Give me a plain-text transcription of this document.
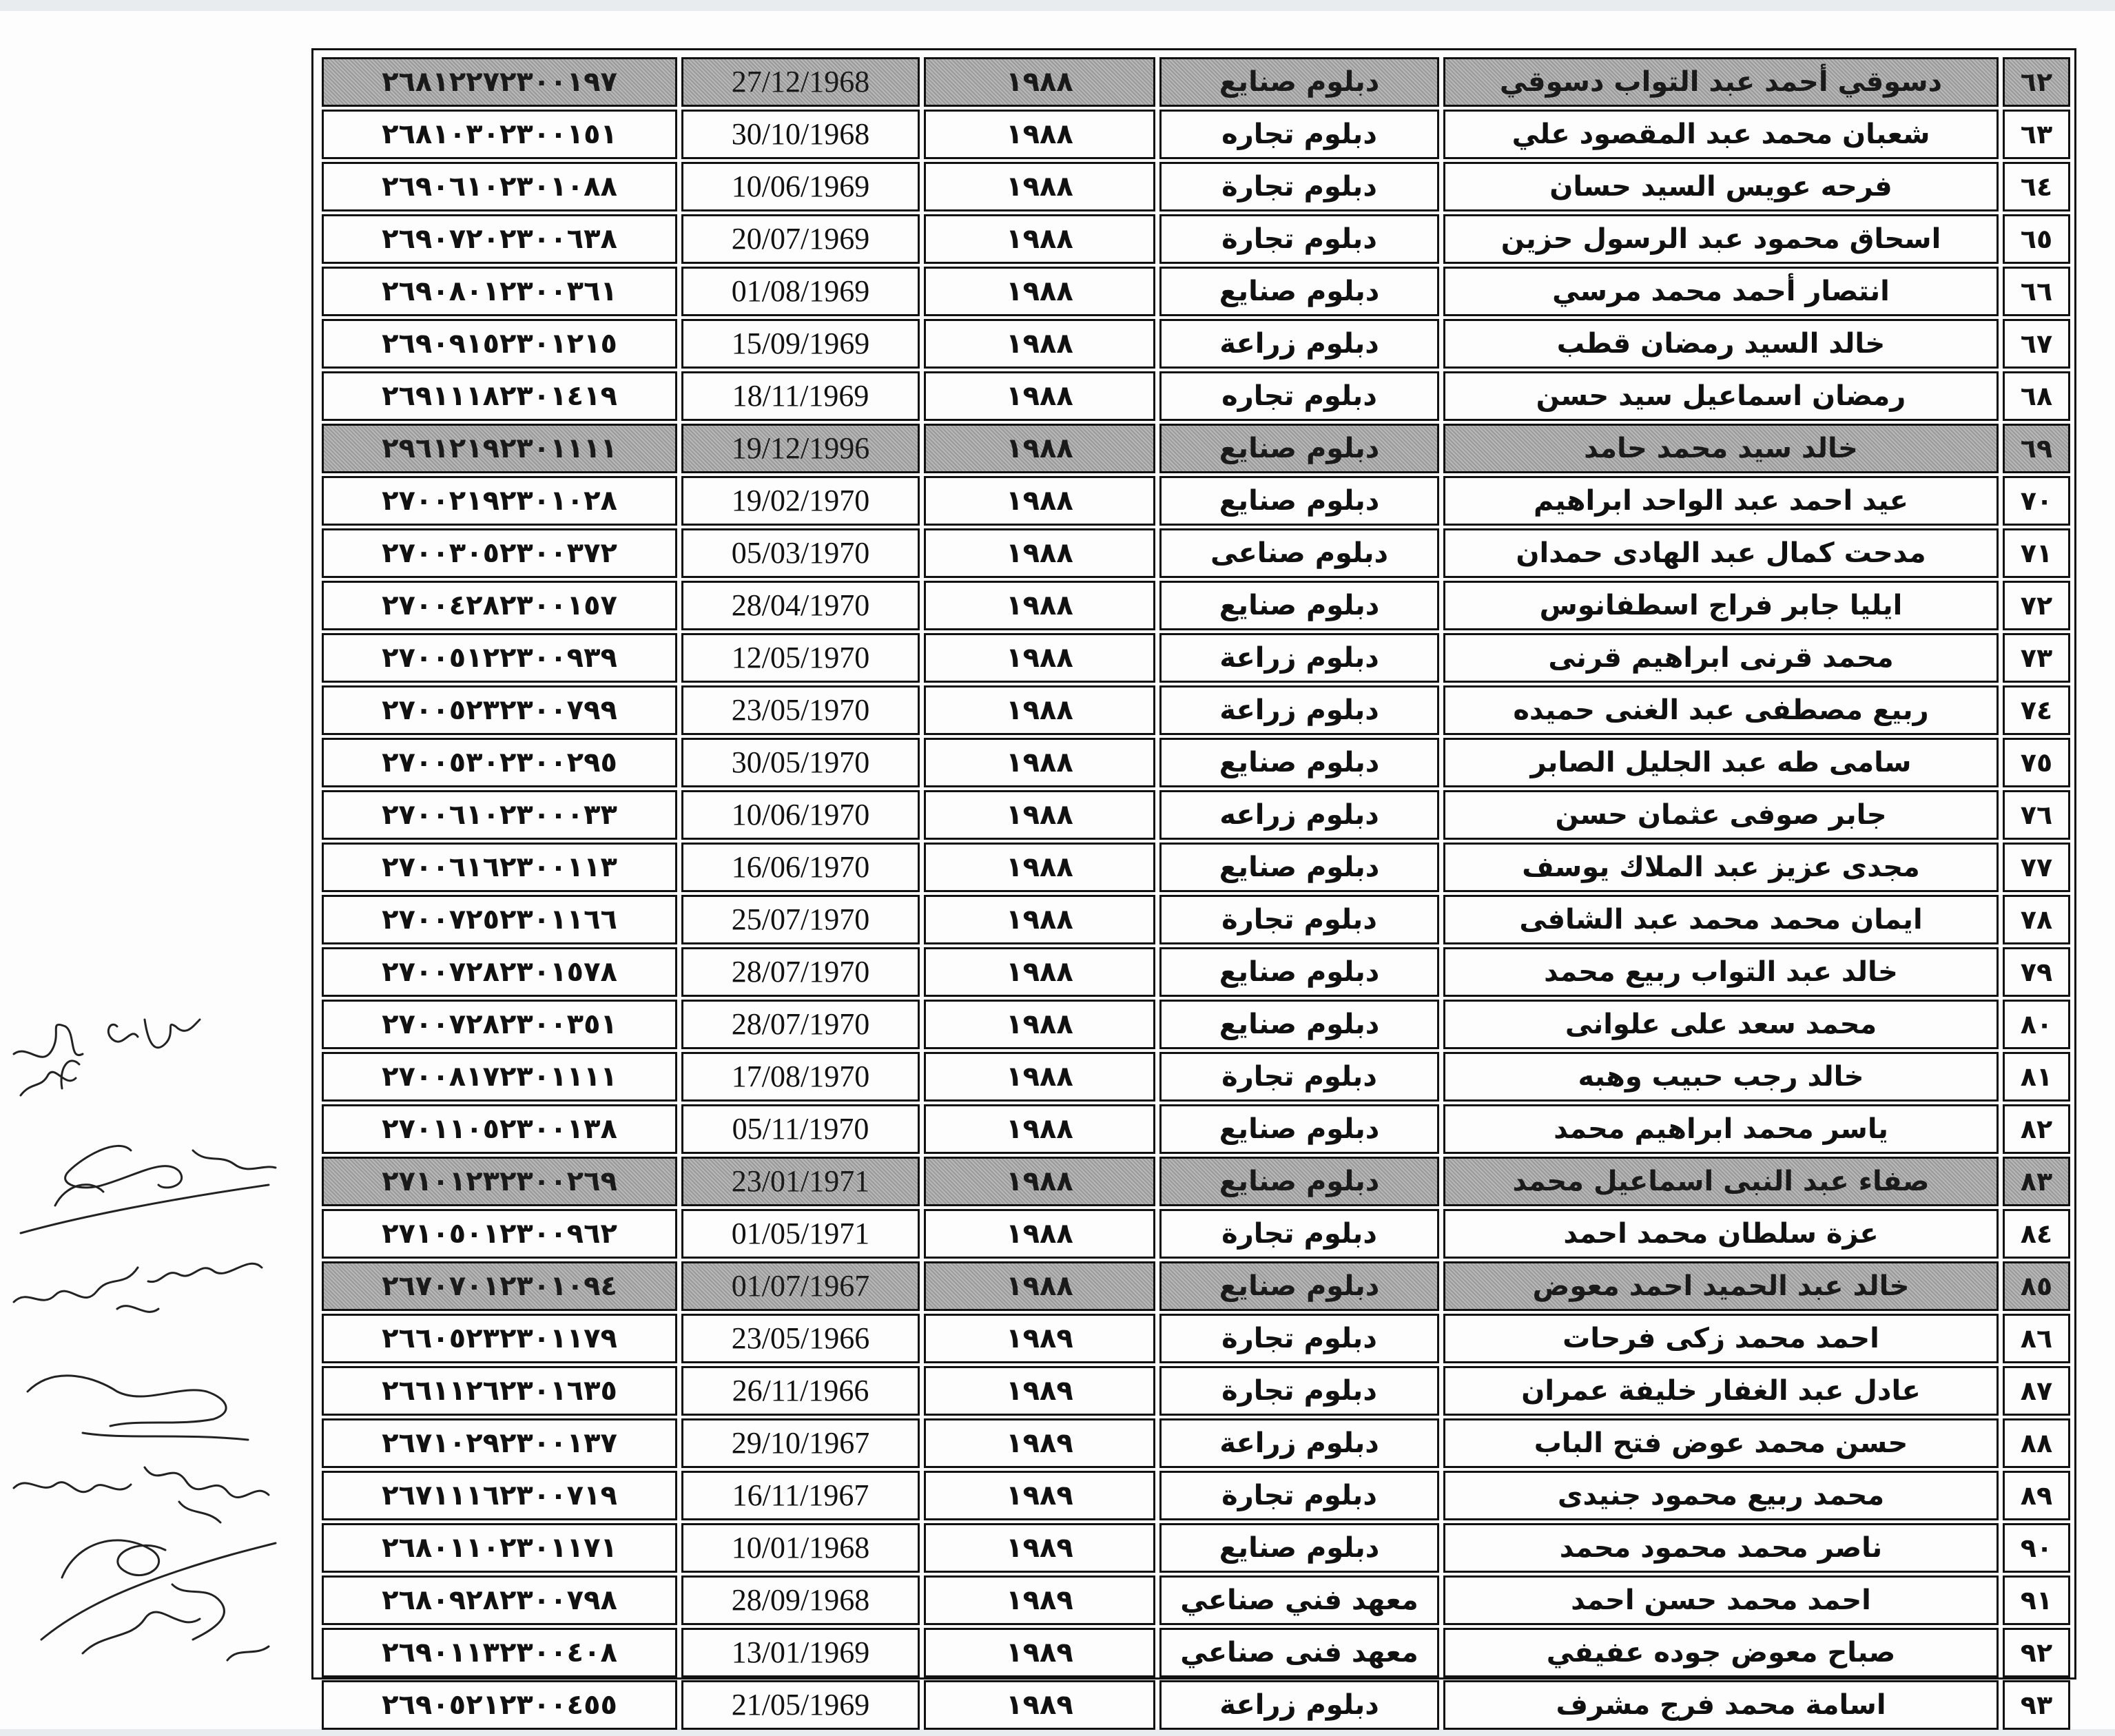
٢٦٨١٢٢٧٢٣٠٠١٩٧	27/12/1968	١٩٨٨	دبلوم صنايع	دسوقي أحمد عبد التواب دسوقي	٦٢
٢٦٨١٠٣٠٢٣٠٠١٥١	30/10/1968	١٩٨٨	دبلوم تجاره	شعبان محمد عبد المقصود علي	٦٣
٢٦٩٠٦١٠٢٣٠١٠٨٨	10/06/1969	١٩٨٨	دبلوم تجارة	فرحه عويس السيد حسان	٦٤
٢٦٩٠٧٢٠٢٣٠٠٦٣٨	20/07/1969	١٩٨٨	دبلوم تجارة	اسحاق محمود عبد الرسول حزين	٦٥
٢٦٩٠٨٠١٢٣٠٠٣٦١	01/08/1969	١٩٨٨	دبلوم صنايع	انتصار أحمد محمد مرسي	٦٦
٢٦٩٠٩١٥٢٣٠١٢١٥	15/09/1969	١٩٨٨	دبلوم زراعة	خالد السيد رمضان قطب	٦٧
٢٦٩١١١٨٢٣٠١٤١٩	18/11/1969	١٩٨٨	دبلوم تجاره	رمضان اسماعيل سيد حسن	٦٨
٢٩٦١٢١٩٢٣٠١١١١	19/12/1996	١٩٨٨	دبلوم صنايع	خالد سيد محمد حامد	٦٩
٢٧٠٠٢١٩٢٣٠١٠٢٨	19/02/1970	١٩٨٨	دبلوم صنايع	عيد احمد عبد الواحد ابراهيم	٧٠
٢٧٠٠٣٠٥٢٣٠٠٣٧٢	05/03/1970	١٩٨٨	دبلوم صناعى	مدحت كمال عبد الهادى حمدان	٧١
٢٧٠٠٤٢٨٢٣٠٠١٥٧	28/04/1970	١٩٨٨	دبلوم صنايع	ايليا جابر فراج اسطفانوس	٧٢
٢٧٠٠٥١٢٢٣٠٠٩٣٩	12/05/1970	١٩٨٨	دبلوم زراعة	محمد قرنى ابراهيم قرنى	٧٣
٢٧٠٠٥٢٣٢٣٠٠٧٩٩	23/05/1970	١٩٨٨	دبلوم زراعة	ربيع مصطفى عبد الغنى حميده	٧٤
٢٧٠٠٥٣٠٢٣٠٠٢٩٥	30/05/1970	١٩٨٨	دبلوم صنايع	سامى طه عبد الجليل الصابر	٧٥
٢٧٠٠٦١٠٢٣٠٠٠٣٣	10/06/1970	١٩٨٨	دبلوم زراعه	جابر صوفى عثمان حسن	٧٦
٢٧٠٠٦١٦٢٣٠٠١١٣	16/06/1970	١٩٨٨	دبلوم صنايع	مجدى عزيز عبد الملاك يوسف	٧٧
٢٧٠٠٧٢٥٢٣٠١١٦٦	25/07/1970	١٩٨٨	دبلوم تجارة	ايمان محمد محمد عبد الشافى	٧٨
٢٧٠٠٧٢٨٢٣٠١٥٧٨	28/07/1970	١٩٨٨	دبلوم صنايع	خالد عبد التواب ربيع محمد	٧٩
٢٧٠٠٧٢٨٢٣٠٠٣٥١	28/07/1970	١٩٨٨	دبلوم صنايع	محمد سعد على علوانى	٨٠
٢٧٠٠٨١٧٢٣٠١١١١	17/08/1970	١٩٨٨	دبلوم تجارة	خالد رجب حبيب وهبه	٨١
٢٧٠١١٠٥٢٣٠٠١٣٨	05/11/1970	١٩٨٨	دبلوم صنايع	ياسر محمد ابراهيم محمد	٨٢
٢٧١٠١٢٣٢٣٠٠٢٦٩	23/01/1971	١٩٨٨	دبلوم صنايع	صفاء عبد النبى اسماعيل محمد	٨٣
٢٧١٠٥٠١٢٣٠٠٩٦٢	01/05/1971	١٩٨٨	دبلوم تجارة	عزة سلطان محمد احمد	٨٤
٢٦٧٠٧٠١٢٣٠١٠٩٤	01/07/1967	١٩٨٨	دبلوم صنايع	خالد عبد الحميد احمد معوض	٨٥
٢٦٦٠٥٢٣٢٣٠١١٧٩	23/05/1966	١٩٨٩	دبلوم تجارة	احمد محمد زكى فرحات	٨٦
٢٦٦١١٢٦٢٣٠١٦٣٥	26/11/1966	١٩٨٩	دبلوم تجارة	عادل عبد الغفار خليفة عمران	٨٧
٢٦٧١٠٢٩٢٣٠٠١٣٧	29/10/1967	١٩٨٩	دبلوم زراعة	حسن محمد عوض فتح الباب	٨٨
٢٦٧١١١٦٢٣٠٠٧١٩	16/11/1967	١٩٨٩	دبلوم تجارة	محمد ربيع محمود جنيدى	٨٩
٢٦٨٠١١٠٢٣٠١١٧١	10/01/1968	١٩٨٩	دبلوم صنايع	ناصر محمد محمود محمد	٩٠
٢٦٨٠٩٢٨٢٣٠٠٧٩٨	28/09/1968	١٩٨٩	معهد فني صناعي	احمد محمد حسن احمد	٩١
٢٦٩٠١١٣٢٣٠٠٤٠٨	13/01/1969	١٩٨٩	معهد فنى صناعي	صباح معوض جوده عفيفي	٩٢
٢٦٩٠٥٢١٢٣٠٠٤٥٥	21/05/1969	١٩٨٩	دبلوم زراعة	اسامة محمد فرج مشرف	٩٣
